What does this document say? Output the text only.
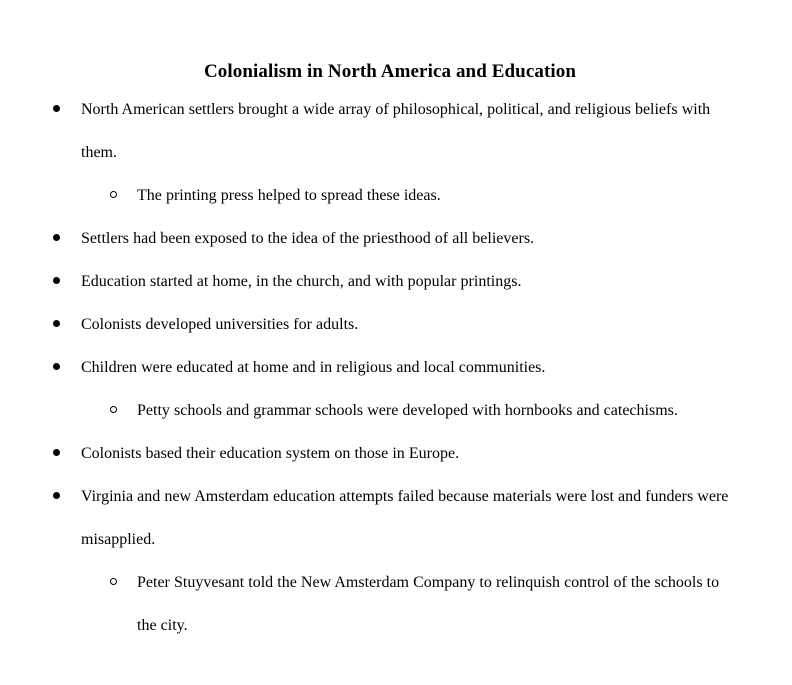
Colonialism in North America and Education
North American settlers brought a wide array of philosophical, political, and religious beliefs with them.
The printing press helped to spread these ideas.
Settlers had been exposed to the idea of the priesthood of all believers.
Education started at home, in the church, and with popular printings.
Colonists developed universities for adults.
Children were educated at home and in religious and local communities.
Petty schools and grammar schools were developed with hornbooks and catechisms.
Colonists based their education system on those in Europe.
Virginia and new Amsterdam education attempts failed because materials were lost and funders were misapplied.
Peter Stuyvesant told the New Amsterdam Company to relinquish control of the schools to the city.
